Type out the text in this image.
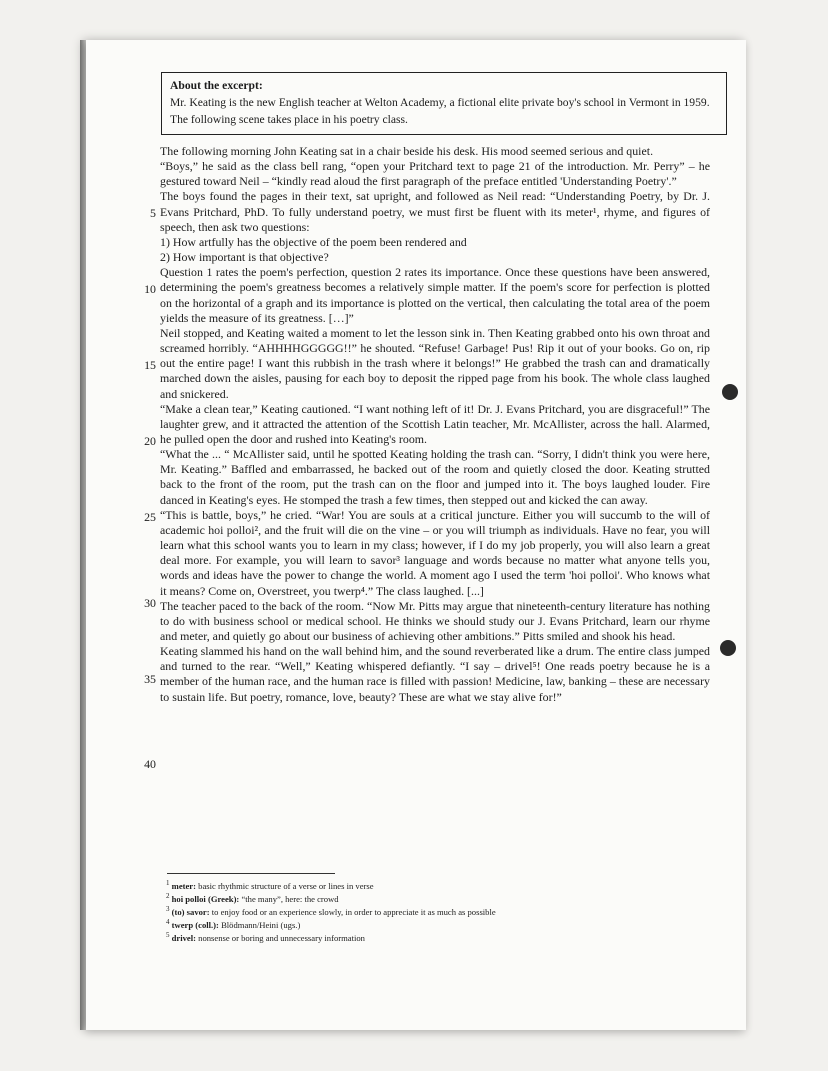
About the excerpt:
Mr. Keating is the new English teacher at Welton Academy, a fictional elite private boy's school in Vermont in 1959. The following scene takes place in his poetry class.
5
10
15
20
25
30
35
40

The following morning John Keating sat in a chair beside his desk. His mood seemed serious and quiet.

“Boys,” he said as the class bell rang, “open your Pritchard text to page 21 of the introduction. Mr. Perry” – he gestured toward Neil – “kindly read aloud the first paragraph of the preface entitled 'Understanding Poetry'.”

The boys found the pages in their text, sat upright, and followed as Neil read: “Understanding Poetry, by Dr. J. Evans Pritchard, PhD. To fully understand poetry, we must first be fluent with its meter¹, rhyme, and figures of speech, then ask two questions:

1) How artfully has the objective of the poem been rendered and

2) How important is that objective?

Question 1 rates the poem's perfection, question 2 rates its importance. Once these questions have been answered, determining the poem's greatness becomes a relatively simple matter. If the poem's score for perfection is plotted on the horizontal of a graph and its importance is plotted on the vertical, then calculating the total area of the poem yields the measure of its greatness. […]”

Neil stopped, and Keating waited a moment to let the lesson sink in. Then Keating grabbed onto his own throat and screamed horribly. “AHHHHGGGGG!!” he shouted. “Refuse! Garbage! Pus! Rip it out of your books. Go on, rip out the entire page! I want this rubbish in the trash where it belongs!” He grabbed the trash can and dramatically marched down the aisles, pausing for each boy to deposit the ripped page from his book. The whole class laughed and snickered.

“Make a clean tear,” Keating cautioned. “I want nothing left of it! Dr. J. Evans Pritchard, you are disgraceful!” The laughter grew, and it attracted the attention of the Scottish Latin teacher, Mr. McAllister, across the hall. Alarmed, he pulled open the door and rushed into Keating's room.

“What the ... “ McAllister said, until he spotted Keating holding the trash can. “Sorry, I didn't think you were here, Mr. Keating.” Baffled and embarrassed, he backed out of the room and quietly closed the door. Keating strutted back to the front of the room, put the trash can on the floor and jumped into it. The boys laughed louder. Fire danced in Keating's eyes. He stomped the trash a few times, then stepped out and kicked the can away.

“This is battle, boys,” he cried. “War! You are souls at a critical juncture. Either you will succumb to the will of academic hoi polloi², and the fruit will die on the vine – or you will triumph as individuals. Have no fear, you will learn what this school wants you to learn in my class; however, if I do my job properly, you will also learn a great deal more. For example, you will learn to savor³ language and words because no matter what anyone tells you, words and ideas have the power to change the world. A moment ago I used the term 'hoi polloi'. Who knows what it means? Come on, Overstreet, you twerp⁴.” The class laughed. [...]

The teacher paced to the back of the room. “Now Mr. Pitts may argue that nineteenth-century literature has nothing to do with business school or medical school. He thinks we should study our J. Evans Pritchard, learn our rhyme and meter, and quietly go about our business of achieving other ambitions.” Pitts smiled and shook his head.

Keating slammed his hand on the wall behind him, and the sound reverberated like a drum. The entire class jumped and turned to the rear. “Well,” Keating whispered defiantly. “I say – drivel⁵! One reads poetry because he is a member of the human race, and the human race is filled with passion! Medicine, law, banking – these are necessary to sustain life. But poetry, romance, love, beauty? These are what we stay alive for!”

$^1$ meter: basic rhythmic structure of a verse or lines in verse
$^2$ hoi polloi (Greek): “the many”, here: the crowd
$^3$ (to) savor: to enjoy food or an experience slowly, in order to appreciate it as much as possible
$^4$ twerp (coll.): Blödmann/Heini (ugs.)
$^5$ drivel: nonsense or boring and unnecessary information
